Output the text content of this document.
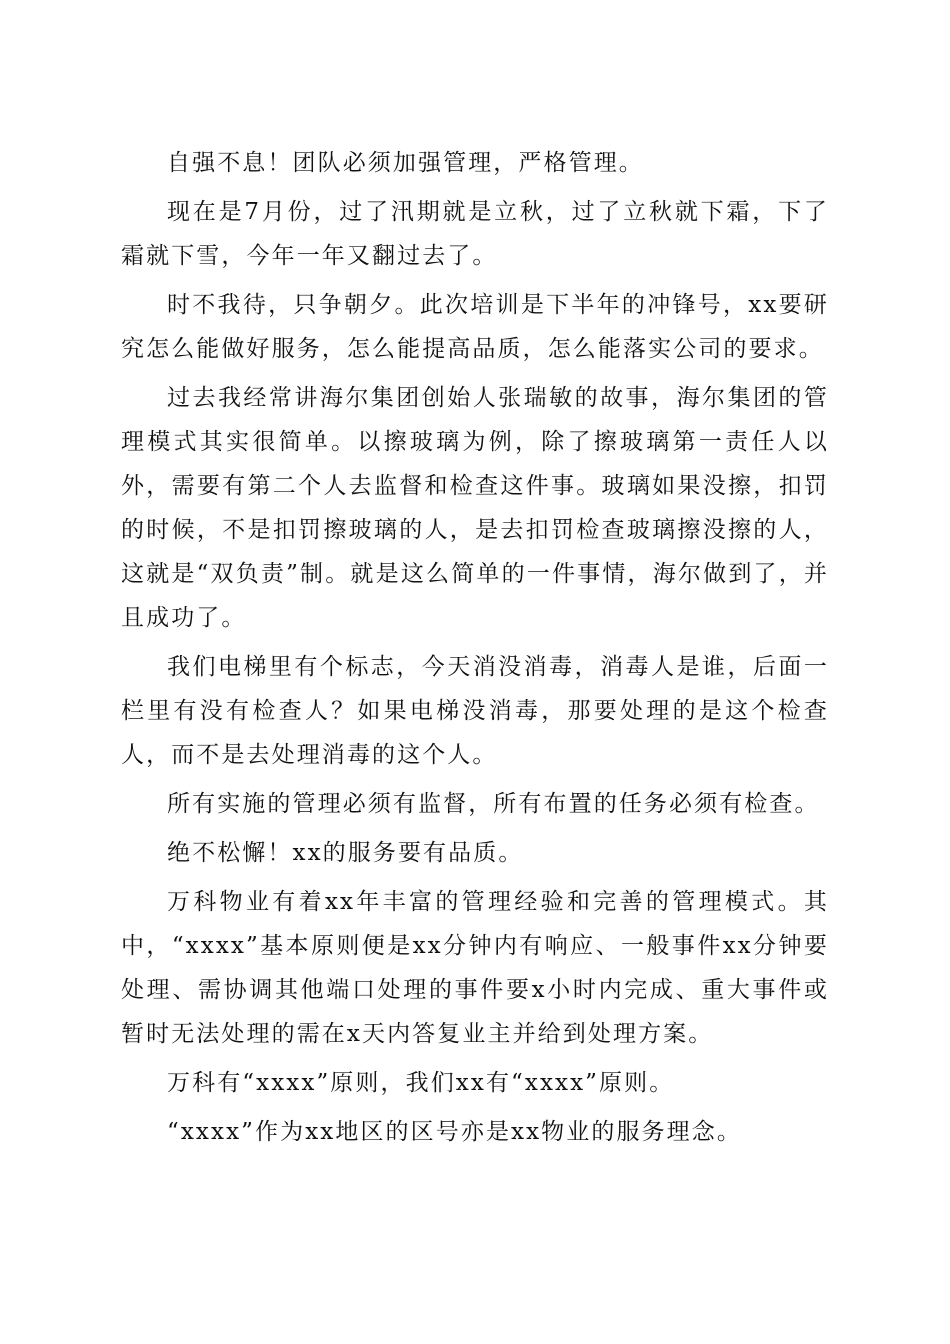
自强不息！团队必须加强管理，严格管理。

现在是7月份，过了汛期就是立秋，过了立秋就下霜，下了霜就下雪，今年一年又翻过去了。

时不我待，只争朝夕。此次培训是下半年的冲锋号，xx要研究怎么能做好服务，怎么能提高品质，怎么能落实公司的要求。

过去我经常讲海尔集团创始人张瑞敏的故事，海尔集团的管理模式其实很简单。以擦玻璃为例，除了擦玻璃第一责任人以外，需要有第二个人去监督和检查这件事。玻璃如果没擦，扣罚的时候，不是扣罚擦玻璃的人，是去扣罚检查玻璃擦没擦的人，这就是“双负责”制。就是这么简单的一件事情，海尔做到了，并且成功了。

我们电梯里有个标志，今天消没消毒，消毒人是谁，后面一栏里有没有检查人？如果电梯没消毒，那要处理的是这个检查人，而不是去处理消毒的这个人。

所有实施的管理必须有监督，所有布置的任务必须有检查。

绝不松懈！xx的服务要有品质。

万科物业有着xx年丰富的管理经验和完善的管理模式。其中，“xxxx”基本原则便是xx分钟内有响应、一般事件xx分钟要处理、需协调其他端口处理的事件要x小时内完成、重大事件或暂时无法处理的需在x天内答复业主并给到处理方案。

万科有“xxxx”原则，我们xx有“xxxx”原则。

“xxxx”作为xx地区的区号亦是xx物业的服务理念。
